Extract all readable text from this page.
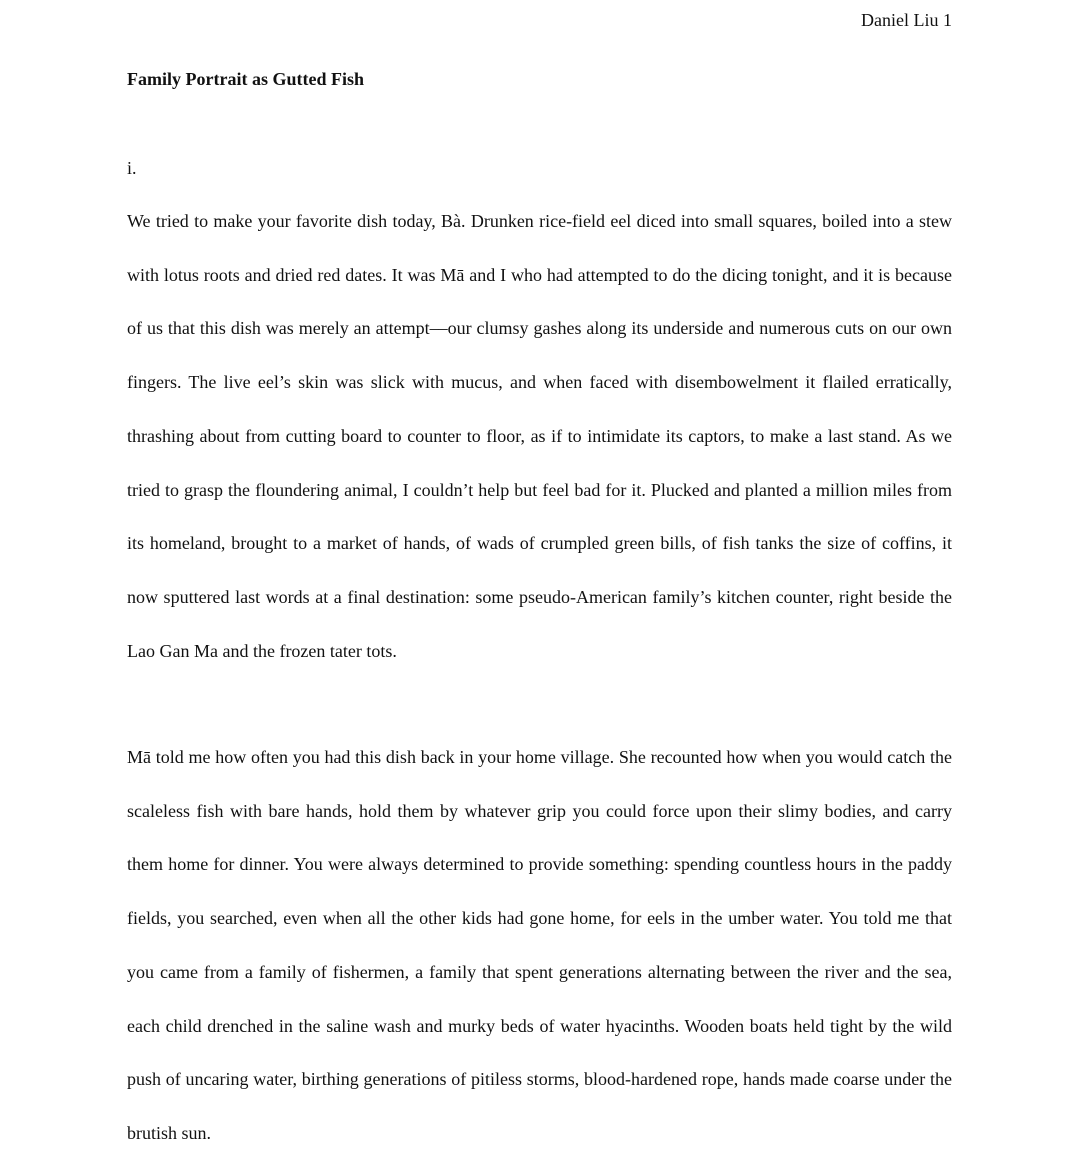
Daniel Liu 1
Family Portrait as Gutted Fish
i.

We tried to make your favorite dish today, Bà. Drunken rice-field eel diced into small squares, boiled into a stew with lotus roots and dried red dates. It was Mā and I who had attempted to do the dicing tonight, and it is because of us that this dish was merely an attempt––our clumsy gashes along its underside and numerous cuts on our own fingers. The live eel’s skin was slick with mucus, and when faced with disembowelment it flailed erratically, thrashing about from cutting board to counter to floor, as if to intimidate its captors, to make a last stand. As we tried to grasp the floundering animal, I couldn’t help but feel bad for it. Plucked and planted a million miles from its homeland, brought to a market of hands, of wads of crumpled green bills, of fish tanks the size of coffins, it now sputtered last words at a final destination: some pseudo-American family’s kitchen counter, right beside the Lao Gan Ma and the frozen tater tots.

Mā told me how often you had this dish back in your home village. She recounted how when you would catch the scaleless fish with bare hands, hold them by whatever grip you could force upon their slimy bodies, and carry them home for dinner. You were always determined to provide something: spending countless hours in the paddy fields, you searched, even when all the other kids had gone home, for eels in the umber water. You told me that you came from a family of fishermen, a family that spent generations alternating between the river and the sea, each child drenched in the saline wash and murky beds of water hyacinths. Wooden boats held tight by the wild push of uncaring water, birthing generations of pitiless storms, blood-hardened rope, hands made coarse under the brutish sun.
